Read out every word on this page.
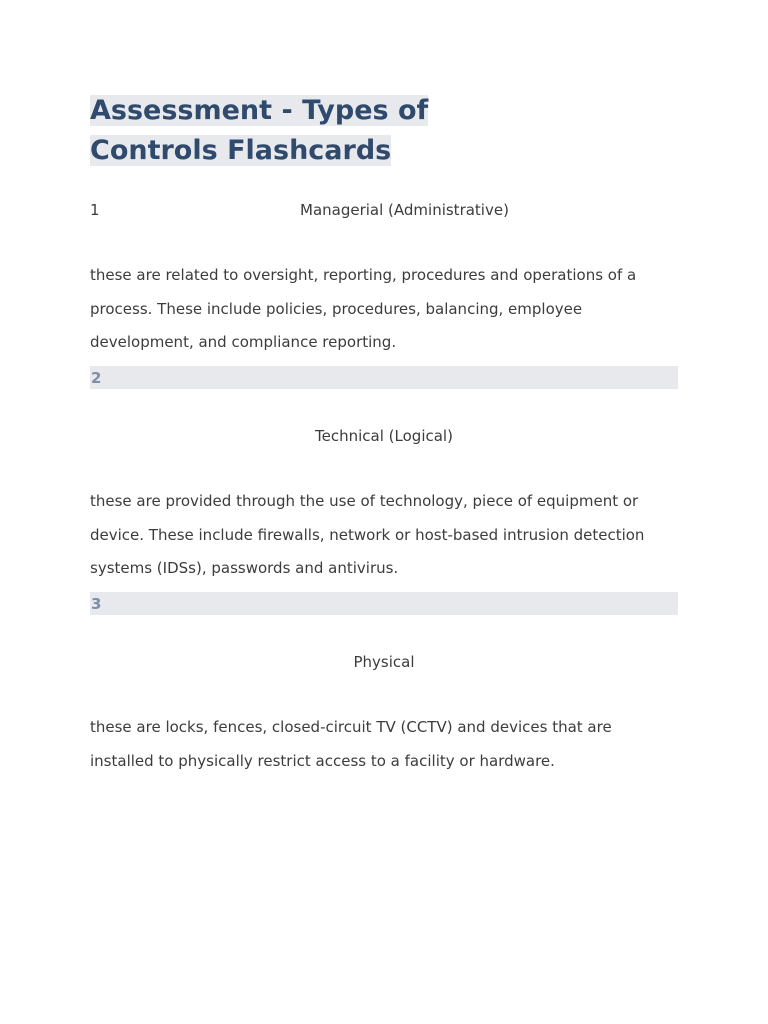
Assessment - Types of Controls Flashcards
1	Managerial (Administrative)

these are related to oversight, reporting, procedures and operations of a process. These include policies, procedures, balancing, employee development, and compliance reporting.

2
Technical (Logical)

these are provided through the use of technology, piece of equipment or device. These include firewalls, network or host-based intrusion detection systems (IDSs), passwords and antivirus.

3
Physical

these are locks, fences, closed-circuit TV (CCTV) and devices that are installed to physically restrict access to a facility or hardware.
